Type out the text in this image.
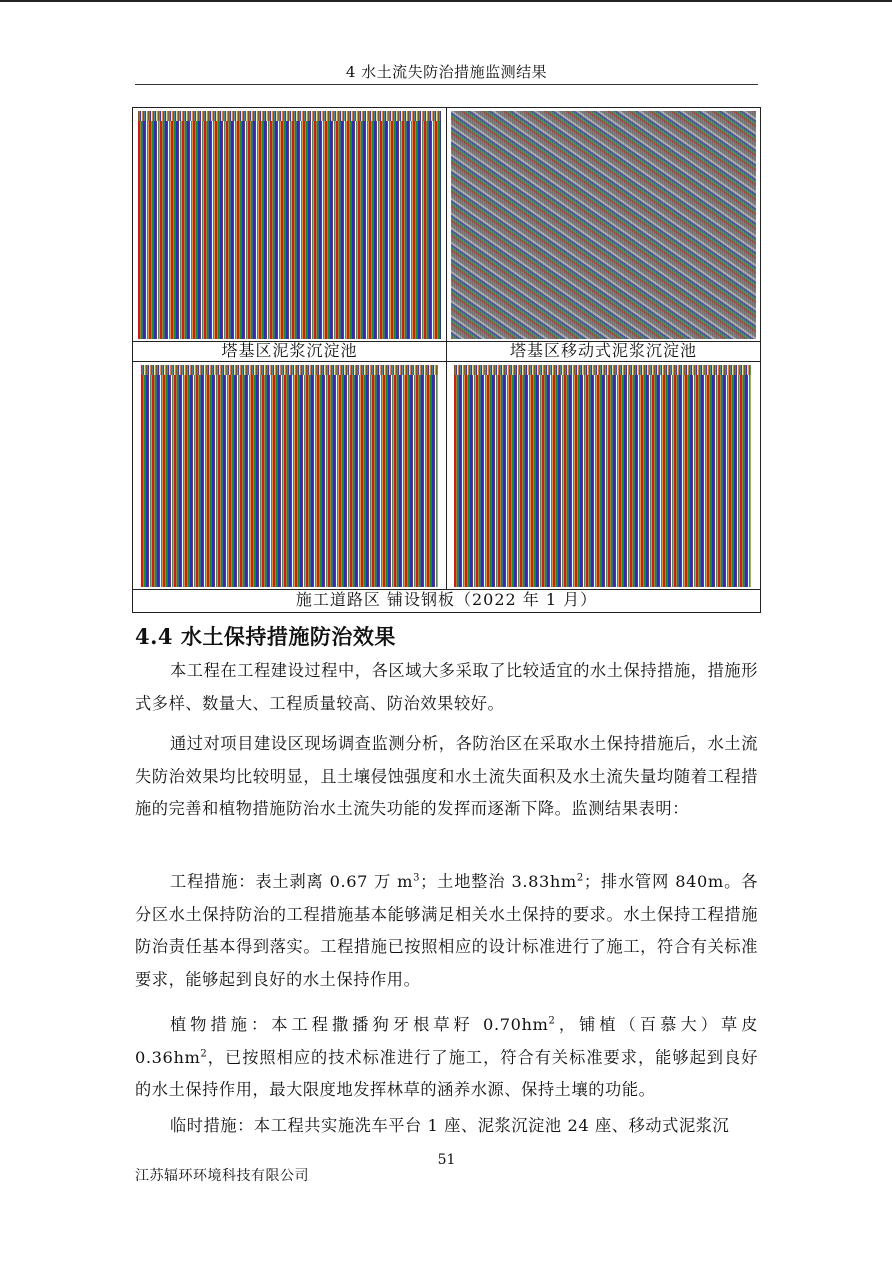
4 水土流失防治措施监测结果
塔基区泥浆沉淀池	塔基区移动式泥浆沉淀池
施工道路区 铺设钢板（2022 年 1 月）
4.4 水土保持措施防治效果

本工程在工程建设过程中，各区域大多采取了比较适宜的水土保持措施，措施形式多样、数量大、工程质量较高、防治效果较好。

通过对项目建设区现场调查监测分析，各防治区在采取水土保持措施后，水土流失防治效果均比较明显，且土壤侵蚀强度和水土流失面积及水土流失量均随着工程措施的完善和植物措施防治水土流失功能的发挥而逐渐下降。监测结果表明：

工程措施：表土剥离 0.67 万 $m^3$；土地整治 $3.83hm^2$；排水管网 840m。各分区水土保持防治的工程措施基本能够满足相关水土保持的要求。水土保持工程措施防治责任基本得到落实。工程措施已按照相应的设计标准进行了施工，符合有关标准要求，能够起到良好的水土保持作用。

植物措施：本工程撒播狗牙根草籽 $0.70hm^2$，铺植（百慕大）草皮 $0.36hm^2$，已按照相应的技术标准进行了施工，符合有关标准要求，能够起到良好的水土保持作用，最大限度地发挥林草的涵养水源、保持土壤的功能。

临时措施：本工程共实施洗车平台 1 座、泥浆沉淀池 24 座、移动式泥浆沉

51
江苏辐环环境科技有限公司
